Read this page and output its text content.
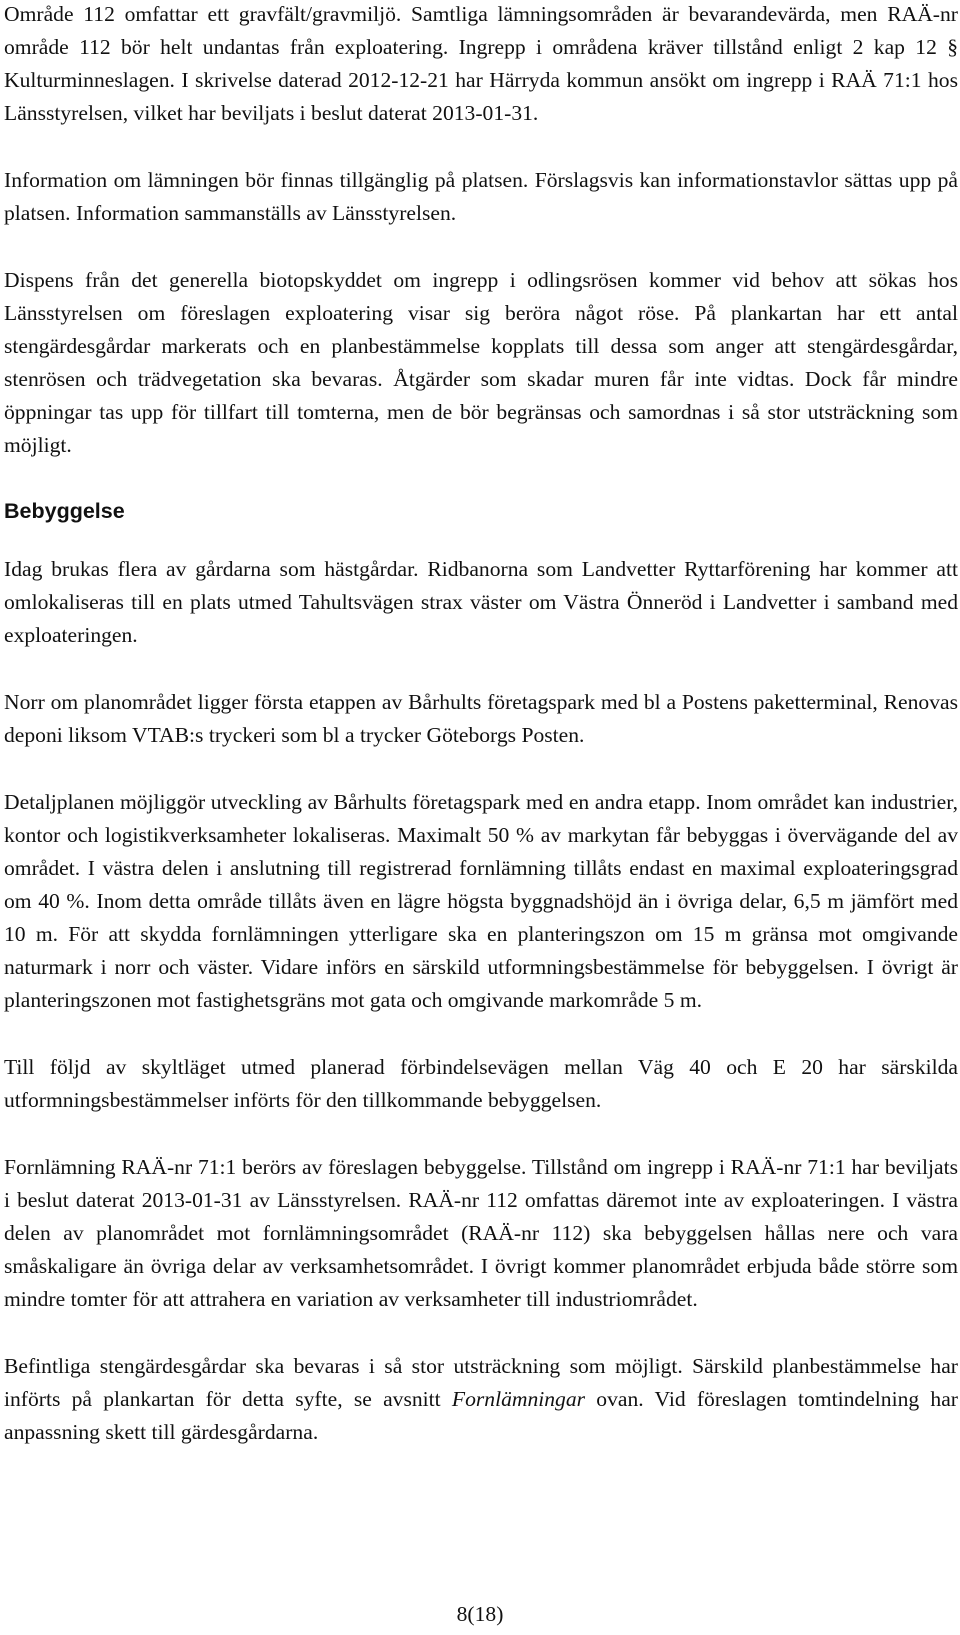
Område 112 omfattar ett gravfält/gravmiljö. Samtliga lämningsområden är bevarandevärda, men RAÄ-nr område 112 bör helt undantas från exploatering. Ingrepp i områdena kräver tillstånd enligt 2 kap 12 § Kulturminneslagen. I skrivelse daterad 2012-12-21 har Härryda kommun ansökt om ingrepp i RAÄ 71:1 hos Länsstyrelsen, vilket har beviljats i beslut daterat 2013-01-31.

Information om lämningen bör finnas tillgänglig på platsen. Förslagsvis kan informationstavlor sättas upp på platsen. Information sammanställs av Länsstyrelsen.

Dispens från det generella biotopskyddet om ingrepp i odlingsrösen kommer vid behov att sökas hos Länsstyrelsen om föreslagen exploatering visar sig beröra något röse. På plankartan har ett antal stengärdesgårdar markerats och en planbestämmelse kopplats till dessa som anger att stengärdesgårdar, stenrösen och trädvegetation ska bevaras. Åtgärder som skadar muren får inte vidtas. Dock får mindre öppningar tas upp för tillfart till tomterna, men de bör begränsas och samordnas i så stor utsträckning som möjligt.

Bebyggelse

Idag brukas flera av gårdarna som hästgårdar. Ridbanorna som Landvetter Ryttarförening har kommer att omlokaliseras till en plats utmed Tahultsvägen strax väster om Västra Önneröd i Landvetter i samband med exploateringen.

Norr om planområdet ligger första etappen av Bårhults företagspark med bl a Postens paketterminal, Renovas deponi liksom VTAB:s tryckeri som bl a trycker Göteborgs Posten.

Detaljplanen möjliggör utveckling av Bårhults företagspark med en andra etapp. Inom området kan industrier, kontor och logistikverksamheter lokaliseras. Maximalt 50 % av markytan får bebyggas i övervägande del av området. I västra delen i anslutning till registrerad fornlämning tillåts endast en maximal exploateringsgrad om 40 %. Inom detta område tillåts även en lägre högsta byggnadshöjd än i övriga delar, 6,5 m jämfört med 10 m. För att skydda fornlämningen ytterligare ska en planteringszon om 15 m gränsa mot omgivande naturmark i norr och väster. Vidare införs en särskild utformningsbestämmelse för bebyggelsen. I övrigt är planteringszonen mot fastighetsgräns mot gata och omgivande markområde 5 m.

Till följd av skyltläget utmed planerad förbindelsevägen mellan Väg 40 och E 20 har särskilda utformningsbestämmelser införts för den tillkommande bebyggelsen.

Fornlämning RAÄ-nr 71:1 berörs av föreslagen bebyggelse. Tillstånd om ingrepp i RAÄ-nr 71:1 har beviljats i beslut daterat 2013-01-31 av Länsstyrelsen. RAÄ-nr 112 omfattas däremot inte av exploateringen. I västra delen av planområdet mot fornlämningsområdet (RAÄ-nr 112) ska bebyggelsen hållas nere och vara småskaligare än övriga delar av verksamhetsområdet. I övrigt kommer planområdet erbjuda både större som mindre tomter för att attrahera en variation av verksamheter till industriområdet.

Befintliga stengärdesgårdar ska bevaras i så stor utsträckning som möjligt. Särskild planbestämmelse har införts på plankartan för detta syfte, se avsnitt Fornlämningar ovan. Vid föreslagen tomtindelning har anpassning skett till gärdesgårdarna.

8(18)
